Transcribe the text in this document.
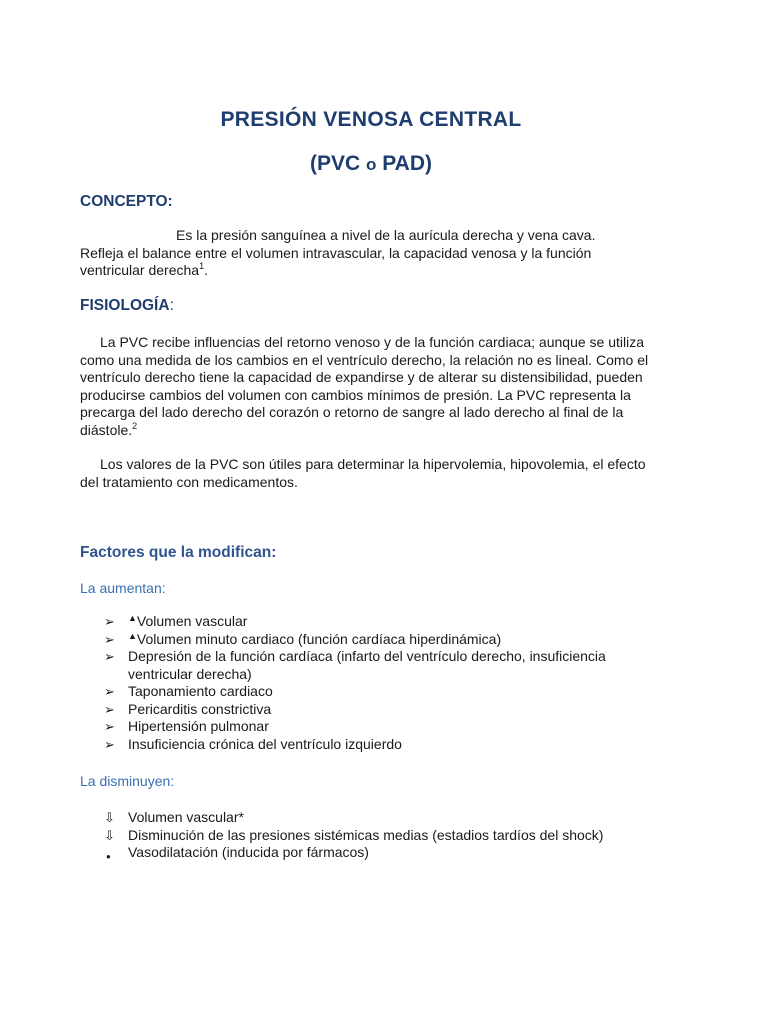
PRESIÓN VENOSA CENTRAL
(PVC o PAD)
CONCEPTO:
Es la presión sanguínea a nivel de la aurícula derecha y vena cava.
Refleja el balance entre el volumen intravascular, la capacidad venosa y la función ventricular derecha$^1$.
FISIOLOGÍA:
La PVC recibe influencias del retorno venoso y de la función cardiaca; aunque se utiliza como una medida de los cambios en el ventrículo derecho, la relación no es lineal. Como el ventrículo derecho tiene la capacidad de expandirse y de alterar su distensibilidad, pueden producirse cambios del volumen con cambios mínimos de presión. La PVC representa la precarga del lado derecho del corazón o retorno de sangre al lado derecho al final de la diástole.$^2$
Los valores de la PVC son útiles para determinar la hipervolemia, hipovolemia, el efecto del tratamiento con medicamentos.
Factores que la modifican:
La aumentan:
➢	▲Volumen vascular
➢	▲Volumen minuto cardiaco (función cardíaca hiperdinámica)
➢ Depresión de la función cardíaca (infarto del ventrículo derecho, insuficiencia ventricular derecha)
➢ Taponamiento cardiaco
➢ Pericarditis constrictiva
➢ Hipertensión pulmonar
➢ Insuficiencia crónica del ventrículo izquierdo
La disminuyen:
⇩ Volumen vascular*
⇩ Disminución de las presiones sistémicas medias (estadios tardíos del shock)
●	Vasodilatación (inducida por fármacos)
